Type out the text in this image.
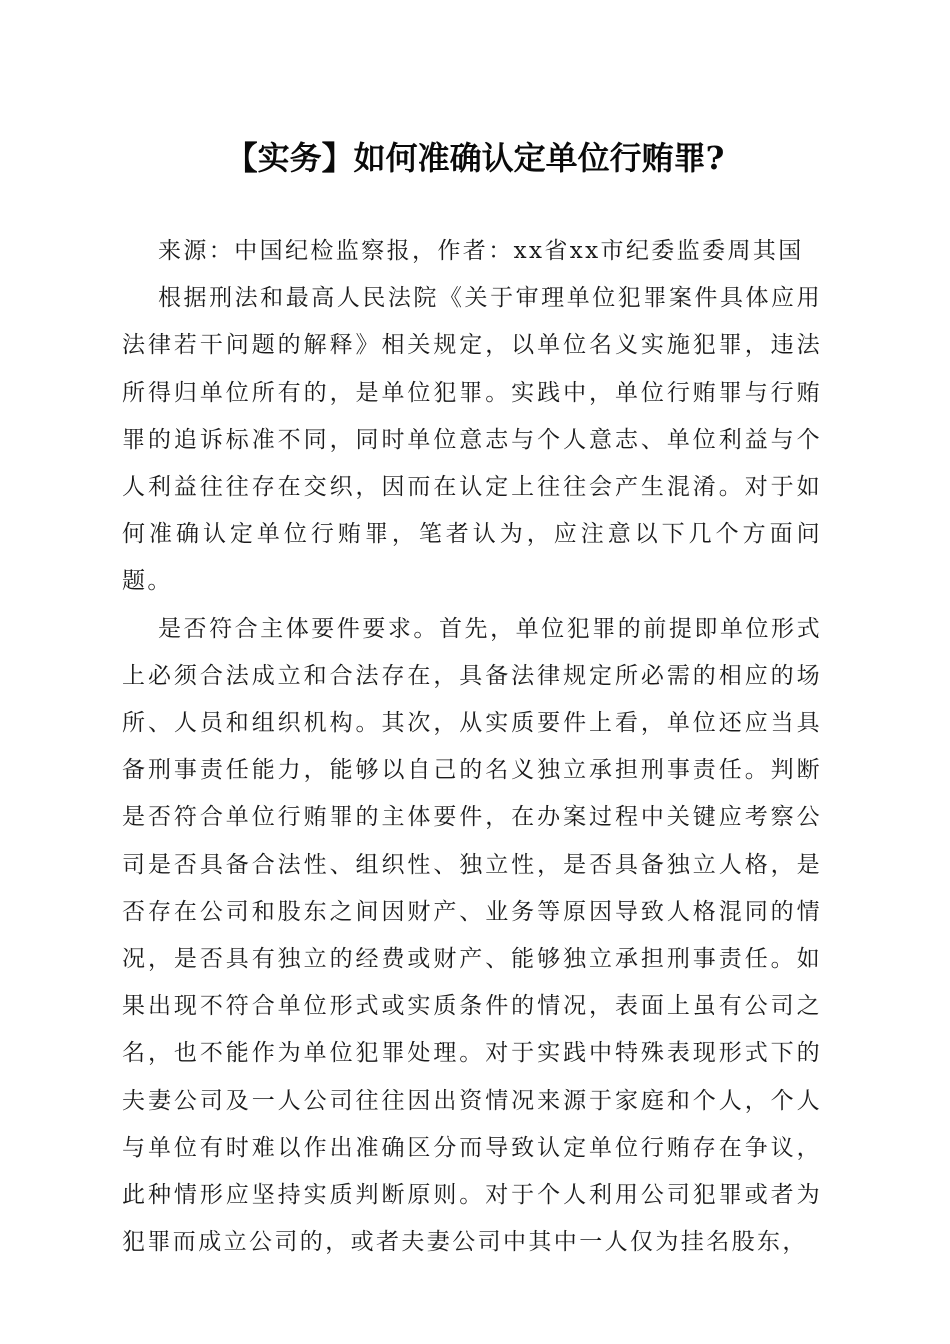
【实务】如何准确认定单位行贿罪?

来源：中国纪检监察报，作者：xx省xx市纪委监委周其国

根据刑法和最高人民法院《关于审理单位犯罪案件具体应用法律若干问题的解释》相关规定，以单位名义实施犯罪，违法所得归单位所有的，是单位犯罪。实践中，单位行贿罪与行贿罪的追诉标准不同，同时单位意志与个人意志、单位利益与个人利益往往存在交织，因而在认定上往往会产生混淆。对于如何准确认定单位行贿罪，笔者认为，应注意以下几个方面问题。

是否符合主体要件要求。首先，单位犯罪的前提即单位形式上必须合法成立和合法存在，具备法律规定所必需的相应的场所、人员和组织机构。其次，从实质要件上看，单位还应当具备刑事责任能力，能够以自己的名义独立承担刑事责任。判断是否符合单位行贿罪的主体要件，在办案过程中关键应考察公司是否具备合法性、组织性、独立性，是否具备独立人格，是否存在公司和股东之间因财产、业务等原因导致人格混同的情况，是否具有独立的经费或财产、能够独立承担刑事责任。如果出现不符合单位形式或实质条件的情况，表面上虽有公司之名，也不能作为单位犯罪处理。对于实践中特殊表现形式下的夫妻公司及一人公司往往因出资情况来源于家庭和个人，个人与单位有时难以作出准确区分而导致认定单位行贿存在争议，此种情形应坚持实质判断原则。对于个人利用公司犯罪或者为犯罪而成立公司的，或者夫妻公司中其中一人仅为挂名股东，
